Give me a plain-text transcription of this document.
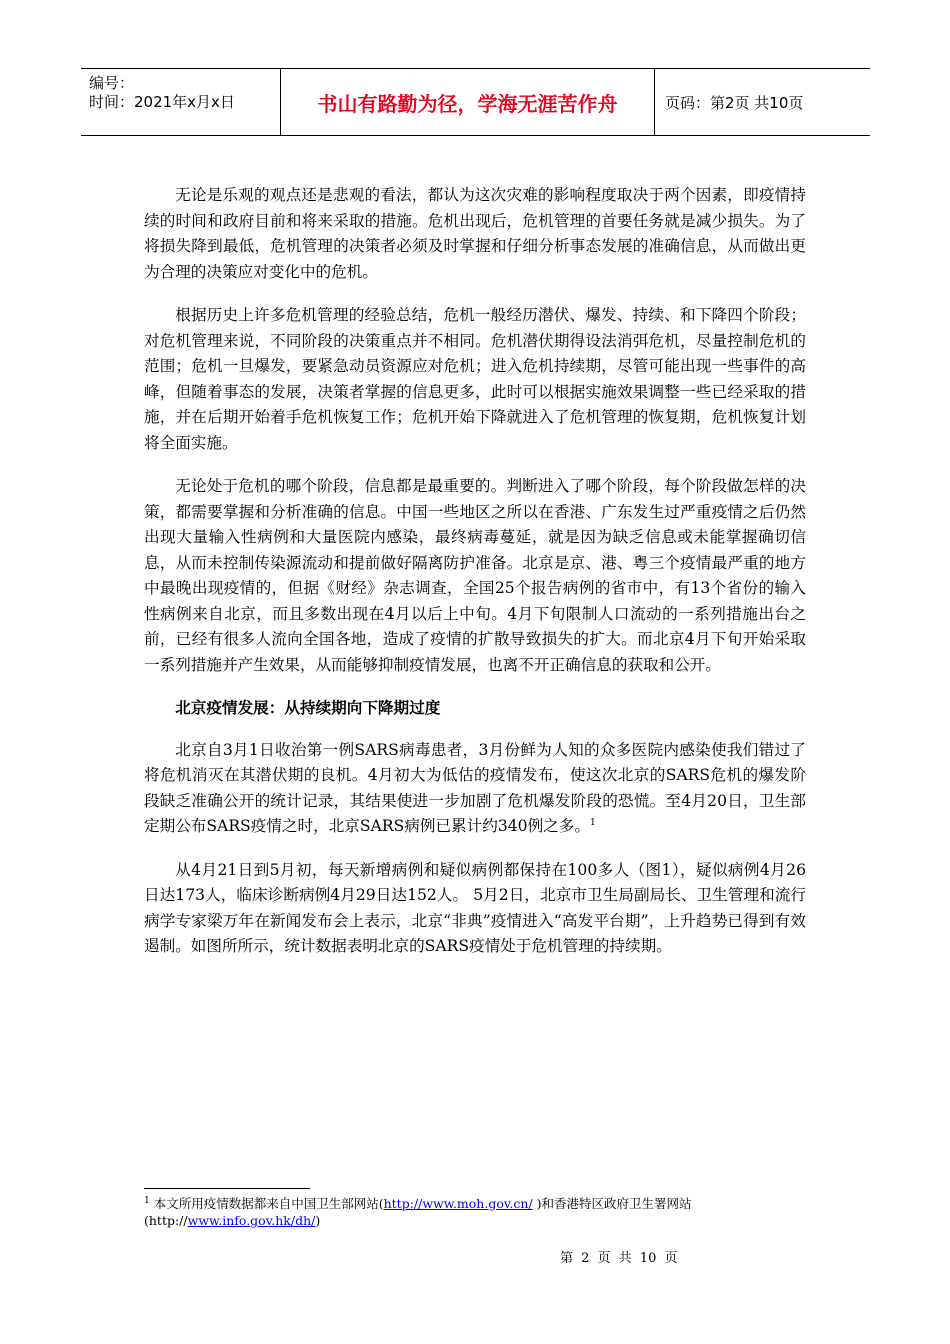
编号：
时间：2021年x月x日	书山有路勤为径，学海无涯苦作舟	页码：第2页 共10页

无论是乐观的观点还是悲观的看法，都认为这次灾难的影响程度取决于两个因素，即疫情持续的时间和政府目前和将来采取的措施。危机出现后，危机管理的首要任务就是减少损失。为了将损失降到最低，危机管理的决策者必须及时掌握和仔细分析事态发展的准确信息，从而做出更为合理的决策应对变化中的危机。

根据历史上许多危机管理的经验总结，危机一般经历潜伏、爆发、持续、和下降四个阶段；对危机管理来说，不同阶段的决策重点并不相同。危机潜伏期得设法消弭危机，尽量控制危机的范围；危机一旦爆发，要紧急动员资源应对危机；进入危机持续期，尽管可能出现一些事件的高峰，但随着事态的发展，决策者掌握的信息更多，此时可以根据实施效果调整一些已经采取的措施，并在后期开始着手危机恢复工作；危机开始下降就进入了危机管理的恢复期，危机恢复计划将全面实施。

无论处于危机的哪个阶段，信息都是最重要的。判断进入了哪个阶段，每个阶段做怎样的决策，都需要掌握和分析准确的信息。中国一些地区之所以在香港、广东发生过严重疫情之后仍然出现大量输入性病例和大量医院内感染，最终病毒蔓延，就是因为缺乏信息或未能掌握确切信息，从而未控制传染源流动和提前做好隔离防护准备。北京是京、港、粤三个疫情最严重的地方中最晚出现疫情的，但据《财经》杂志调查，全国25个报告病例的省市中，有13个省份的输入性病例来自北京，而且多数出现在4月以后上中旬。4月下旬限制人口流动的一系列措施出台之前，已经有很多人流向全国各地，造成了疫情的扩散导致损失的扩大。而北京4月下旬开始采取一系列措施并产生效果，从而能够抑制疫情发展，也离不开正确信息的获取和公开。

北京疫情发展：从持续期向下降期过度

北京自3月1日收治第一例SARS病毒患者，3月份鲜为人知的众多医院内感染使我们错过了将危机消灭在其潜伏期的良机。4月初大为低估的疫情发布，使这次北京的SARS危机的爆发阶段缺乏准确公开的统计记录，其结果使进一步加剧了危机爆发阶段的恐慌。至4月20日，卫生部定期公布SARS疫情之时，北京SARS病例已累计约340例之多。$^1$

从4月21日到5月初，每天新增病例和疑似病例都保持在100多人（图1），疑似病例4月26日达173人，临床诊断病例4月29日达152人。 5月2日，北京市卫生局副局长、卫生管理和流行病学专家梁万年在新闻发布会上表示，北京“非典”疫情进入“高发平台期”，上升趋势已得到有效遏制。如图所所示，统计数据表明北京的SARS疫情处于危机管理的持续期。

$^1$ 本文所用疫情数据都来自中国卫生部网站(http://www.moh.gov.cn/ )和香港特区政府卫生署网站(http://www.info.gov.hk/dh/)
第 2 页 共 10 页
